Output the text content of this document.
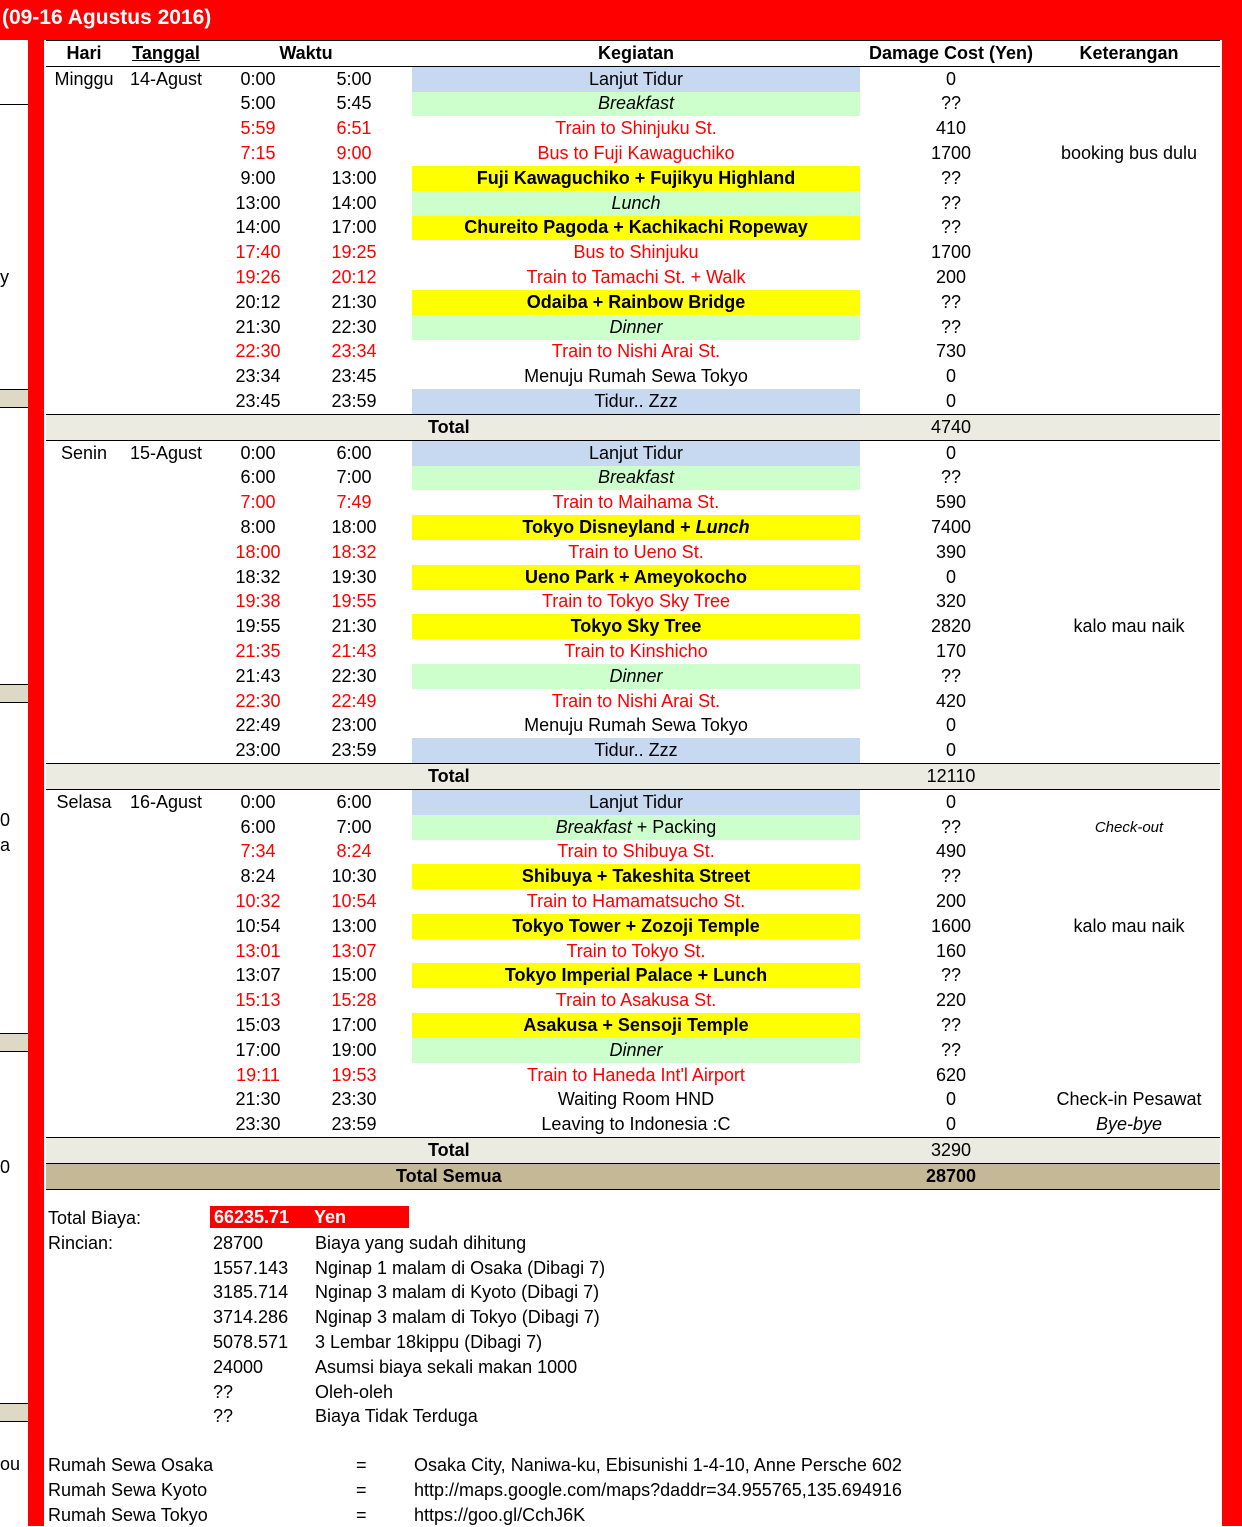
(09-16 Agustus 2016)
y
0
a
0
ou
Hari	Tanggal	Waktu			Kegiatan		Damage Cost (Yen)	Keterangan
Minggu	14-Agust	0:00	5:00		Lanjut Tidur		0	
		5:00	5:45		Breakfast		??	
		5:59	6:51		Train to Shinjuku St.		410	
		7:15	9:00		Bus to Fuji Kawaguchiko		1700	booking bus dulu
		9:00	13:00		Fuji Kawaguchiko + Fujikyu Highland		??	
		13:00	14:00		Lunch		??	
		14:00	17:00		Chureito Pagoda + Kachikachi Ropeway		??	
		17:40	19:25		Bus to Shinjuku		1700	
		19:26	20:12		Train to Tamachi St. + Walk		200	
		20:12	21:30		Odaiba + Rainbow Bridge		??	
		21:30	22:30		Dinner		??	
		22:30	23:34		Train to Nishi Arai St.		730	
		23:34	23:45		Menuju Rumah Sewa Tokyo		0	
		23:45	23:59		Tidur.. Zzz		0	
Total							4740	
Senin	15-Agust	0:00	6:00		Lanjut Tidur		0	
		6:00	7:00		Breakfast		??	
		7:00	7:49		Train to Maihama St.		590	
		8:00	18:00		Tokyo Disneyland + Lunch		7400	
		18:00	18:32		Train to Ueno St.		390	
		18:32	19:30		Ueno Park + Ameyokocho		0	
		19:38	19:55		Train to Tokyo Sky Tree		320	
		19:55	21:30		Tokyo Sky Tree		2820	kalo mau naik
		21:35	21:43		Train to Kinshicho		170	
		21:43	22:30		Dinner		??	
		22:30	22:49		Train to Nishi Arai St.		420	
		22:49	23:00		Menuju Rumah Sewa Tokyo		0	
		23:00	23:59		Tidur.. Zzz		0	
Total							12110	
Selasa	16-Agust	0:00	6:00		Lanjut Tidur		0	
		6:00	7:00		Breakfast + Packing		??	Check-out
		7:34	8:24		Train to Shibuya St.		490	
		8:24	10:30		Shibuya + Takeshita Street		??	
		10:32	10:54		Train to Hamamatsucho St.		200	
		10:54	13:00		Tokyo Tower + Zozoji Temple		1600	kalo mau naik
		13:01	13:07		Train to Tokyo St.		160	
		13:07	15:00		Tokyo Imperial Palace + Lunch		??	
		15:13	15:28		Train to Asakusa St.		220	
		15:03	17:00		Asakusa + Sensoji Temple		??	
		17:00	19:00		Dinner		??	
		19:11	19:53		Train to Haneda Int'l Airport		620	
		21:30	23:30		Waiting Room HND		0	Check-in Pesawat
		23:30	23:59		Leaving to Indonesia :C		0	Bye-bye
Total							3290	
Total Semua							28700	
Total Biaya:	66235.71 Yen
Rincian:	28700	Biaya yang sudah dihitung
1557.143 Nginap 1 malam di Osaka (Dibagi 7)
3185.714 Nginap 3 malam di Kyoto (Dibagi 7)
3714.286 Nginap 3 malam di Tokyo (Dibagi 7)
5078.571 3 Lembar 18kippu (Dibagi 7)
24000	Asumsi biaya sekali makan 1000
??	Oleh-oleh
??	Biaya Tidak Terduga
Rumah Sewa Osaka	=	Osaka City, Naniwa-ku, Ebisunishi 1-4-10, Anne Persche 602
Rumah Sewa Kyoto	=	http://maps.google.com/maps?daddr=34.955765,135.694916
Rumah Sewa Tokyo	=	https://goo.gl/CchJ6K
